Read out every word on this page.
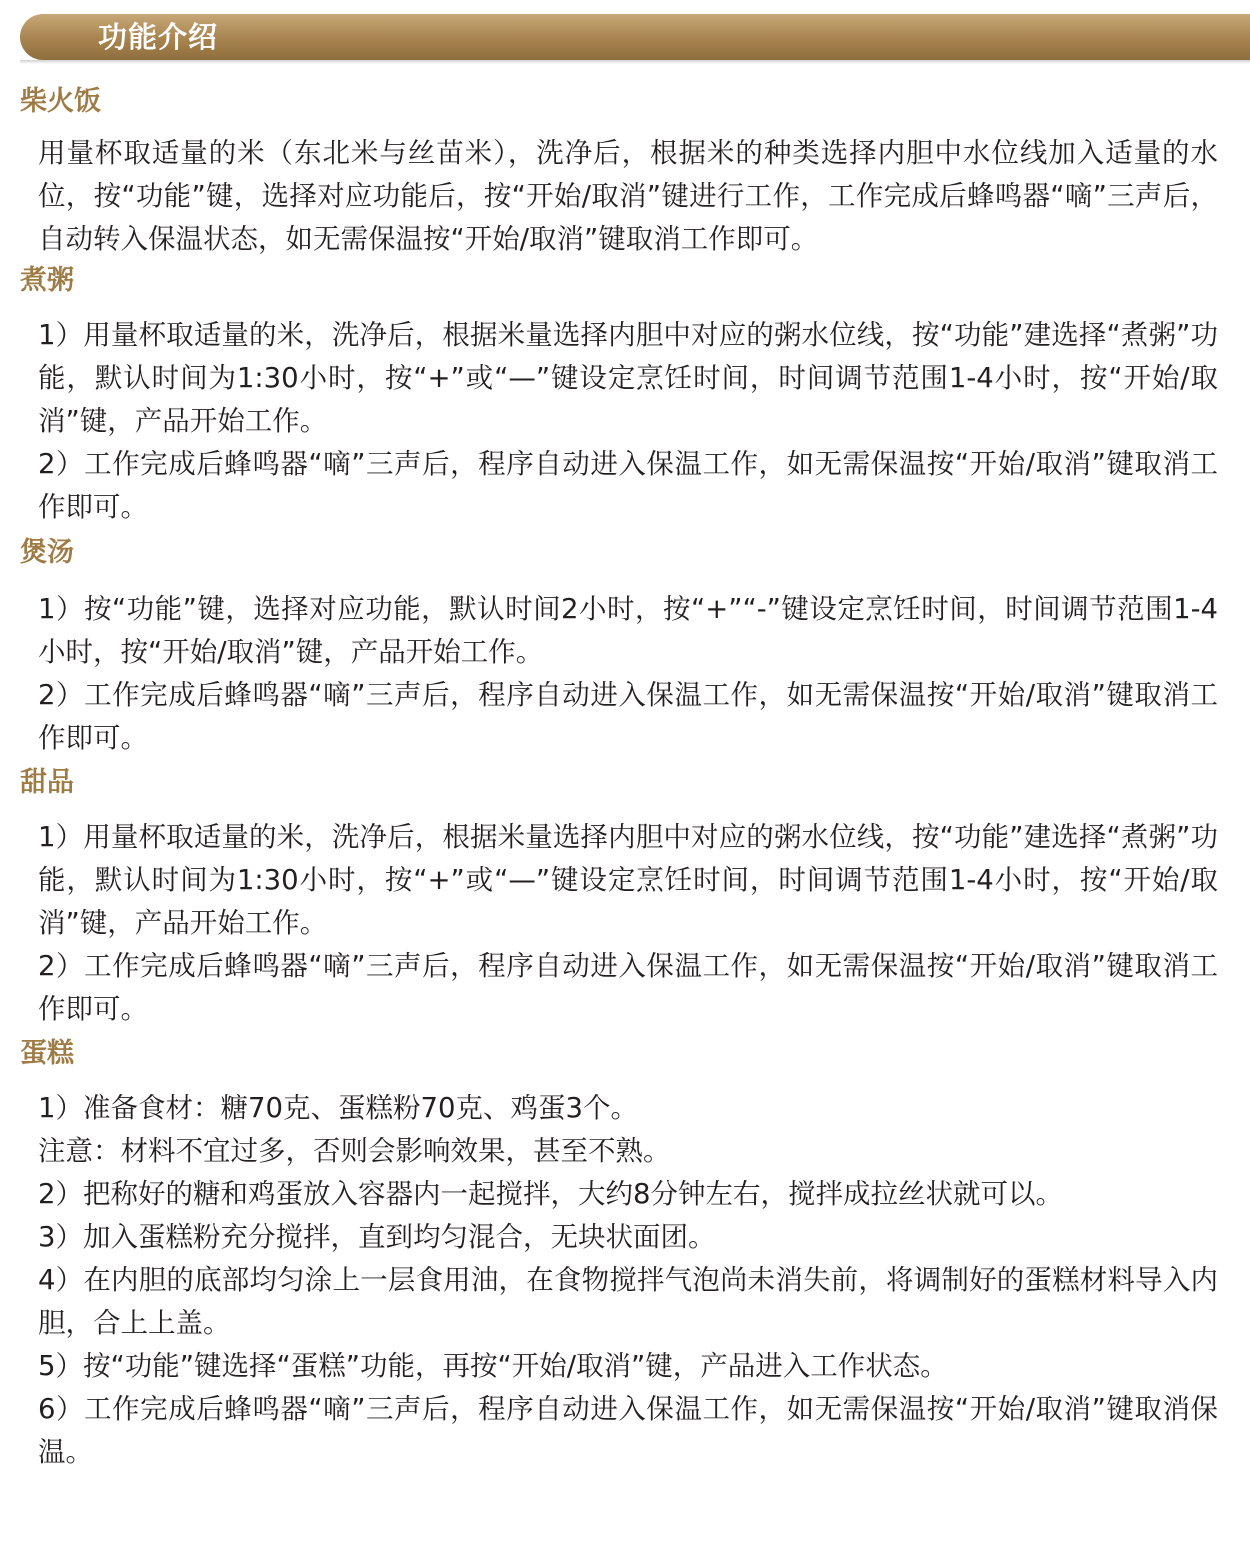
功能介绍
柴火饭

用量杯取适量的米（东北米与丝苗米），洗净后，根据米的种类选择内胆中水位线加入适量的水位，按“功能”键，选择对应功能后，按“开始/取消”键进行工作，工作完成后蜂鸣器“嘀”三声后，自动转入保温状态，如无需保温按“开始/取消”键取消工作即可。

煮粥

1）用量杯取适量的米，洗净后，根据米量选择内胆中对应的粥水位线，按“功能”建选择“煮粥”功能，默认时间为1:30小时，按“+”或“—”键设定烹饪时间，时间调节范围1-4小时，按“开始/取消”键，产品开始工作。

2）工作完成后蜂鸣器“嘀”三声后，程序自动进入保温工作，如无需保温按“开始/取消”键取消工作即可。

煲汤

1）按“功能”键，选择对应功能，默认时间2小时，按“+”“-”键设定烹饪时间，时间调节范围1-4小时，按“开始/取消”键，产品开始工作。

2）工作完成后蜂鸣器“嘀”三声后，程序自动进入保温工作，如无需保温按“开始/取消”键取消工作即可。

甜品

1）用量杯取适量的米，洗净后，根据米量选择内胆中对应的粥水位线，按“功能”建选择“煮粥”功能，默认时间为1:30小时，按“+”或“—”键设定烹饪时间，时间调节范围1-4小时，按“开始/取消”键，产品开始工作。

2）工作完成后蜂鸣器“嘀”三声后，程序自动进入保温工作，如无需保温按“开始/取消”键取消工作即可。

蛋糕

1）准备食材：糖70克、蛋糕粉70克、鸡蛋3个。

注意：材料不宜过多，否则会影响效果，甚至不熟。

2）把称好的糖和鸡蛋放入容器内一起搅拌，大约8分钟左右，搅拌成拉丝状就可以。

3）加入蛋糕粉充分搅拌，直到均匀混合，无块状面团。

4）在内胆的底部均匀涂上一层食用油，在食物搅拌气泡尚未消失前，将调制好的蛋糕材料导入内胆，合上上盖。

5）按“功能”键选择“蛋糕”功能，再按“开始/取消”键，产品进入工作状态。

6）工作完成后蜂鸣器“嘀”三声后，程序自动进入保温工作，如无需保温按“开始/取消”键取消保温。
